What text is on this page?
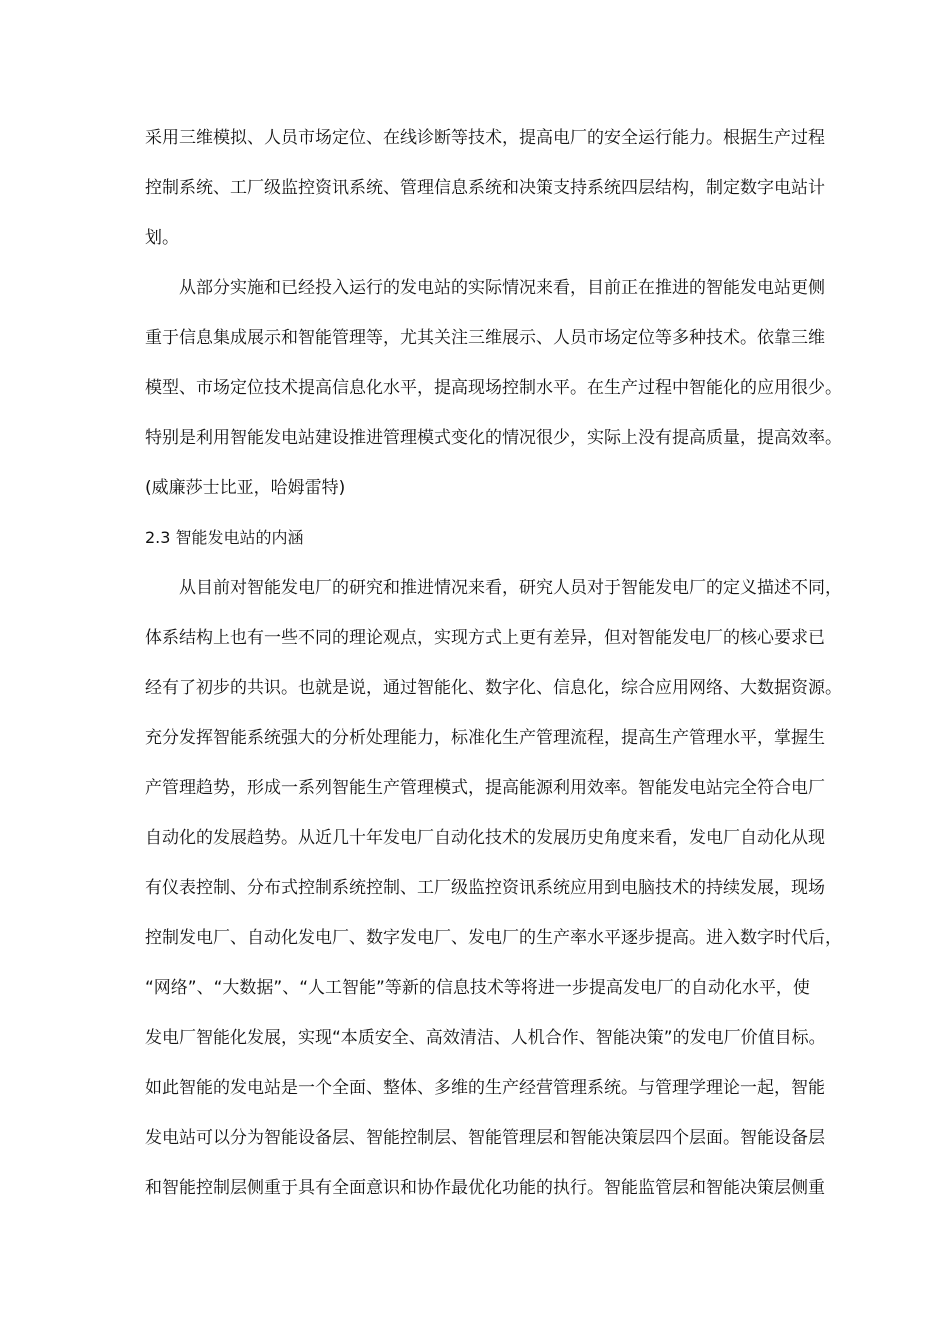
采用三维模拟、人员市场定位、在线诊断等技术，提高电厂的安全运行能力。根据生产过程
控制系统、工厂级监控资讯系统、管理信息系统和决策支持系统四层结构，制定数字电站计
划。
从部分实施和已经投入运行的发电站的实际情况来看，目前正在推进的智能发电站更侧
重于信息集成展示和智能管理等，尤其关注三维展示、人员市场定位等多种技术。依靠三维
模型、市场定位技术提高信息化水平，提高现场控制水平。在生产过程中智能化的应用很少。
特别是利用智能发电站建设推进管理模式变化的情况很少，实际上没有提高质量，提高效率。
(威廉莎士比亚，哈姆雷特)
2.3 智能发电站的内涵
从目前对智能发电厂的研究和推进情况来看，研究人员对于智能发电厂的定义描述不同，
体系结构上也有一些不同的理论观点，实现方式上更有差异，但对智能发电厂的核心要求已
经有了初步的共识。也就是说，通过智能化、数字化、信息化，综合应用网络、大数据资源。
充分发挥智能系统强大的分析处理能力，标准化生产管理流程，提高生产管理水平，掌握生
产管理趋势，形成一系列智能生产管理模式，提高能源利用效率。智能发电站完全符合电厂
自动化的发展趋势。从近几十年发电厂自动化技术的发展历史角度来看，发电厂自动化从现
有仪表控制、分布式控制系统控制、工厂级监控资讯系统应用到电脑技术的持续发展，现场
控制发电厂、自动化发电厂、数字发电厂、发电厂的生产率水平逐步提高。进入数字时代后，
“网络”、“大数据”、“人工智能”等新的信息技术等将进一步提高发电厂的自动化水平，使
发电厂智能化发展，实现“本质安全、高效清洁、人机合作、智能决策”的发电厂价值目标。
如此智能的发电站是一个全面、整体、多维的生产经营管理系统。与管理学理论一起，智能
发电站可以分为智能设备层、智能控制层、智能管理层和智能决策层四个层面。智能设备层
和智能控制层侧重于具有全面意识和协作最优化功能的执行。智能监管层和智能决策层侧重
